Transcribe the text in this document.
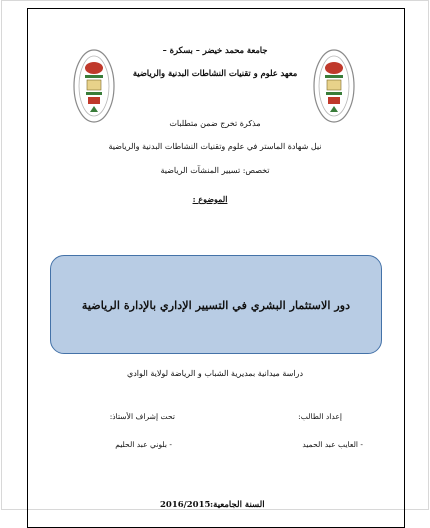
جامعة محمد خيضر – بسكرة –
معهد علوم و تقنيات النشاطات البدنية والرياضية
مذكرة تخرج ضمن متطلبات
نيل شهادة الماستر في علوم وتقنيات النشاطات البدنية والرياضية
تخصص: تسيير المنشآت الرياضية
الموضوع :
دور الاستثمار البشري في التسيير الإداري بالإدارة الرياضية
دراسة ميدانية بمديرية الشباب و الرياضة لولاية الوادي
إعداد الطالب:
تحت إشراف الأستاذ:
- العايب عبد الحميد
- بلوني عبد الحليم
السنة الجامعية:
2016/2015
